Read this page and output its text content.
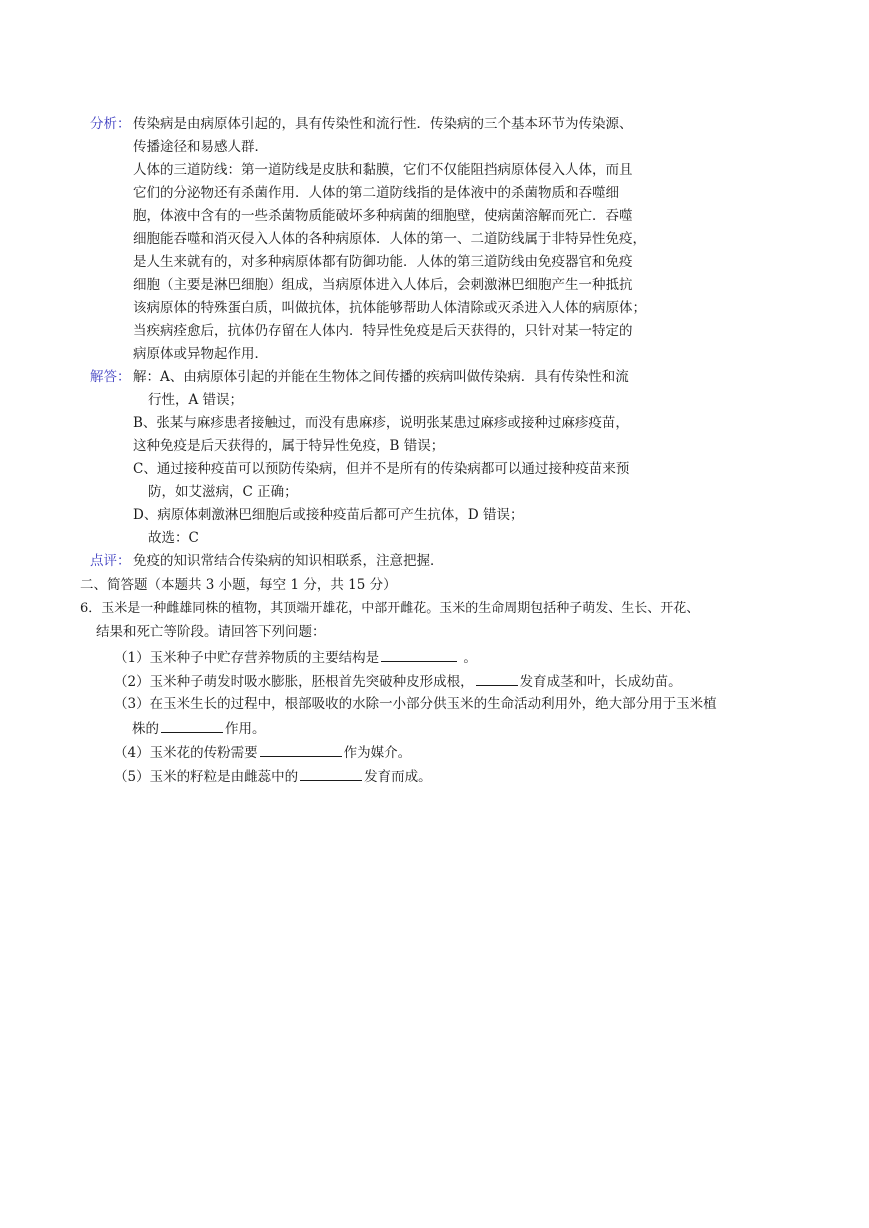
分析： 传染病是由病原体引起的，具有传染性和流行性．传染病的三个基本环节为传染源、
传播途径和易感人群．
人体的三道防线：第一道防线是皮肤和黏膜，它们不仅能阻挡病原体侵入人体，而且
它们的分泌物还有杀菌作用．人体的第二道防线指的是体液中的杀菌物质和吞噬细
胞，体液中含有的一些杀菌物质能破坏多种病菌的细胞壁，使病菌溶解而死亡．吞噬
细胞能吞噬和消灭侵入人体的各种病原体．人体的第一、二道防线属于非特异性免疫，
是人生来就有的，对多种病原体都有防御功能．人体的第三道防线由免疫器官和免疫
细胞（主要是淋巴细胞）组成，当病原体进入人体后，会刺激淋巴细胞产生一种抵抗
该病原体的特殊蛋白质，叫做抗体，抗体能够帮助人体清除或灭杀进入人体的病原体；
当疾病痊愈后，抗体仍存留在人体内．特异性免疫是后天获得的，只针对某一特定的
病原体或异物起作用．
解答： 解：A、由病原体引起的并能在生物体之间传播的疾病叫做传染病．具有传染性和流
行性，A 错误；
B、张某与麻疹患者接触过，而没有患麻疹，说明张某患过麻疹或接种过麻疹疫苗，
这种免疫是后天获得的，属于特异性免疫，B 错误；
C、通过接种疫苗可以预防传染病，但并不是所有的传染病都可以通过接种疫苗来预
防，如艾滋病，C 正确；
D、病原体刺激淋巴细胞后或接种疫苗后都可产生抗体，D 错误；
故选：C
点评： 免疫的知识常结合传染病的知识相联系，注意把握．
二、简答题（本题共 3 小题，每空 1 分，共 15 分）
6．玉米是一种雌雄同株的植物，其顶端开雄花，中部开雌花。玉米的生命周期包括种子萌发、生长、开花、
结果和死亡等阶段。请回答下列问题：
（1）玉米种子中贮存营养物质的主要结构是	。
（2）玉米种子萌发时吸水膨胀，胚根首先突破种皮形成根，	发育成茎和叶，长成幼苗。
（3）在玉米生长的过程中，根部吸收的水除一小部分供玉米的生命活动利用外，绝大部分用于玉米植
株的	作用。
（4）玉米花的传粉需要	作为媒介。
（5）玉米的籽粒是由雌蕊中的	发育而成。
